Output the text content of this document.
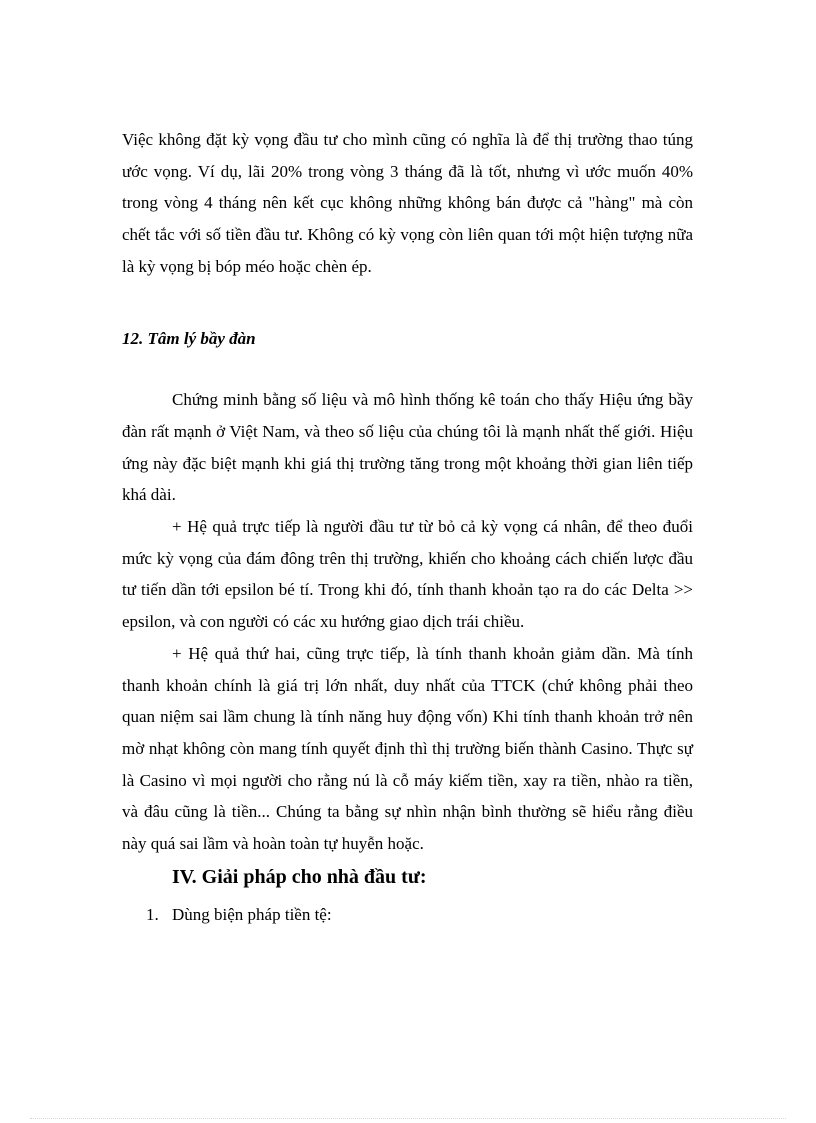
Việc không đặt kỳ vọng đầu tư cho mình cũng có nghĩa là để thị trường thao túng ước vọng. Ví dụ, lãi 20% trong vòng 3 tháng đã là tốt, nhưng vì ước muốn 40% trong vòng 4 tháng nên kết cục không những không bán được cả "hàng" mà còn chết tắc với số tiền đầu tư. Không có kỳ vọng còn liên quan tới một hiện tượng nữa là kỳ vọng bị bóp méo hoặc chèn ép.

12. Tâm lý bầy đàn

Chứng minh bằng số liệu và mô hình thống kê toán cho thấy Hiệu ứng bầy đàn rất mạnh ở Việt Nam, và theo số liệu của chúng tôi là mạnh nhất thế giới. Hiệu ứng này đặc biệt mạnh khi giá thị trường tăng trong một khoảng thời gian liên tiếp khá dài.

+ Hệ quả trực tiếp là người đầu tư từ bỏ cả kỳ vọng cá nhân, để theo đuổi mức kỳ vọng của đám đông trên thị trường, khiến cho khoảng cách chiến lược đầu tư tiến dần tới epsilon bé tí. Trong khi đó, tính thanh khoản tạo ra do các Delta >> epsilon, và con người có các xu hướng giao dịch trái chiều.

+ Hệ quả thứ hai, cũng trực tiếp, là tính thanh khoản giảm dần. Mà tính thanh khoản chính là giá trị lớn nhất, duy nhất của TTCK (chứ không phải theo quan niệm sai lầm chung là tính năng huy động vốn) Khi tính thanh khoản trở nên mờ nhạt không còn mang tính quyết định thì thị trường biến thành Casino. Thực sự là Casino vì mọi người cho rằng nú là cỗ máy kiếm tiền, xay ra tiền, nhào ra tiền, và đâu cũng là tiền... Chúng ta bằng sự nhìn nhận bình thường sẽ hiểu rằng điều này quá sai lầm và hoàn toàn tự huyễn hoặc.

IV. Giải pháp cho nhà đầu tư:

1. Dùng biện pháp tiền tệ:
